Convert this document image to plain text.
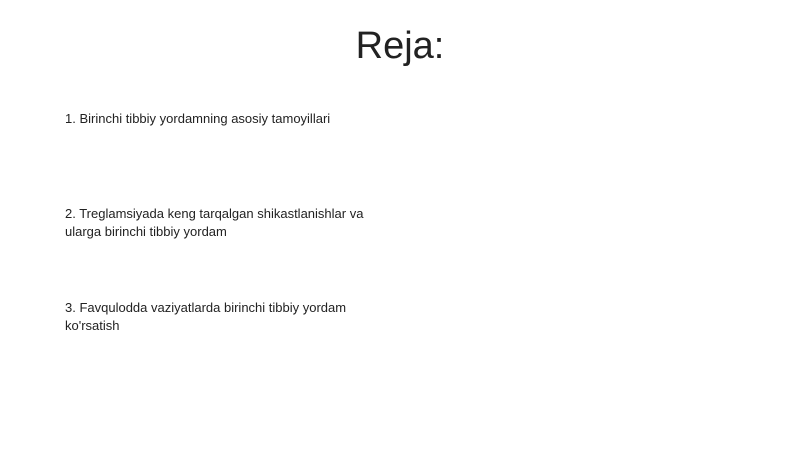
Reja:

1. Birinchi tibbiy yordamning asosiy tamoyillari

2. Treglamsiyada keng tarqalgan shikastlanishlar va ularga birinchi tibbiy yordam

3. Favqulodda vaziyatlarda birinchi tibbiy yordam ko'rsatish
